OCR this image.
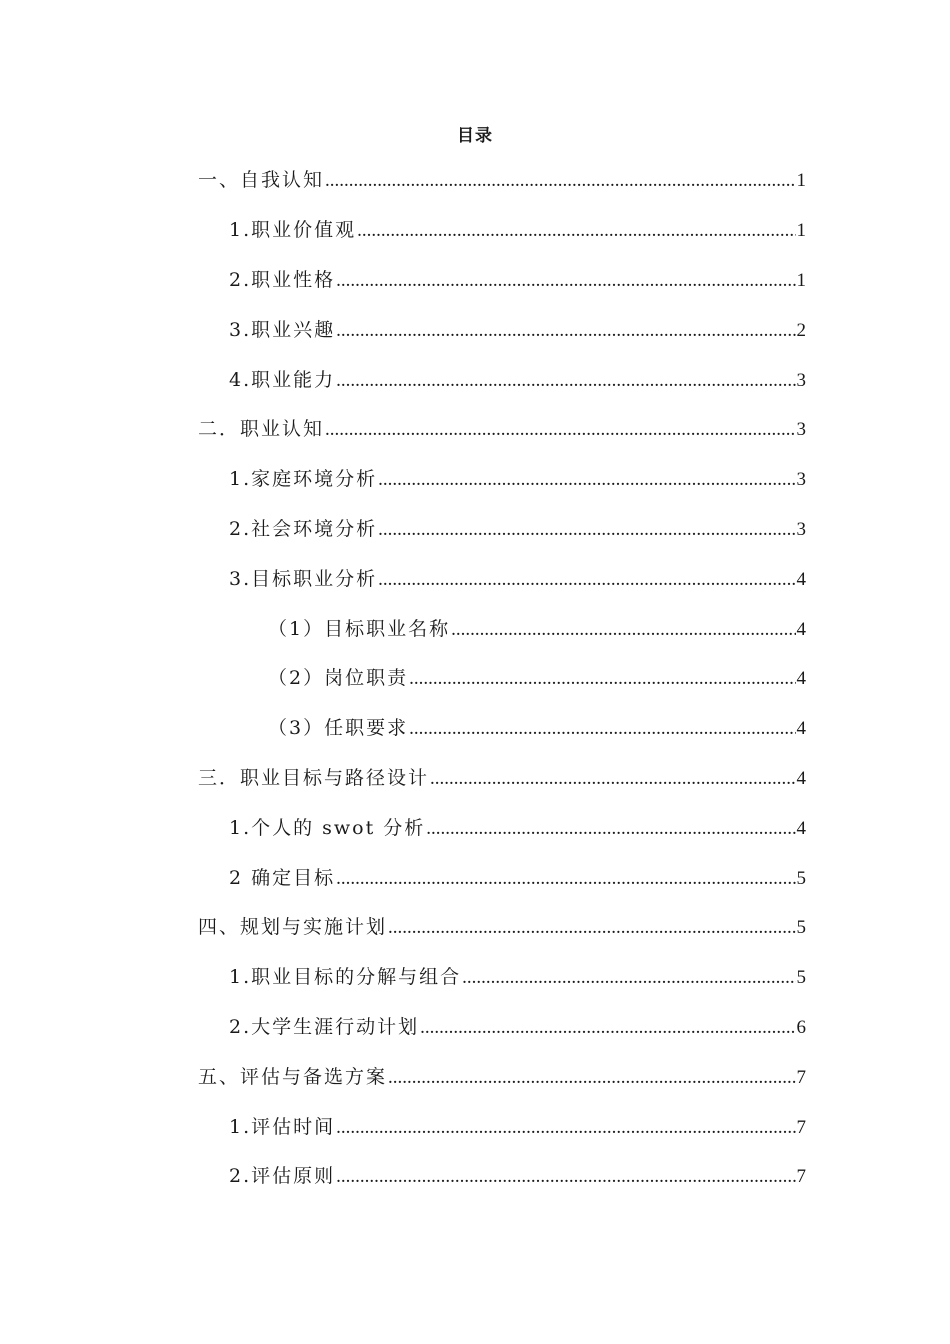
目录
一、自我认知 .....	1
1.职业价值观 .....	1
2.职业性格 .....	1
3.职业兴趣 .....	2
4.职业能力 .....	3
二．职业认知 .....	3
1.家庭环境分析 .....	3
2.社会环境分析 .....	3
3.目标职业分析 .....	4
（1）目标职业名称 .....	4
（2）岗位职责 .....	4
（3）任职要求 .....	4
三．职业目标与路径设计 .....	4
1.个人的 swot 分析 .....	4
2 确定目标 .....	5
四、规划与实施计划 .....	5
1.职业目标的分解与组合 .....	5
2.大学生涯行动计划 .....	6
五、评估与备选方案 .....	7
1.评估时间 .....	7
2.评估原则 .....	7
